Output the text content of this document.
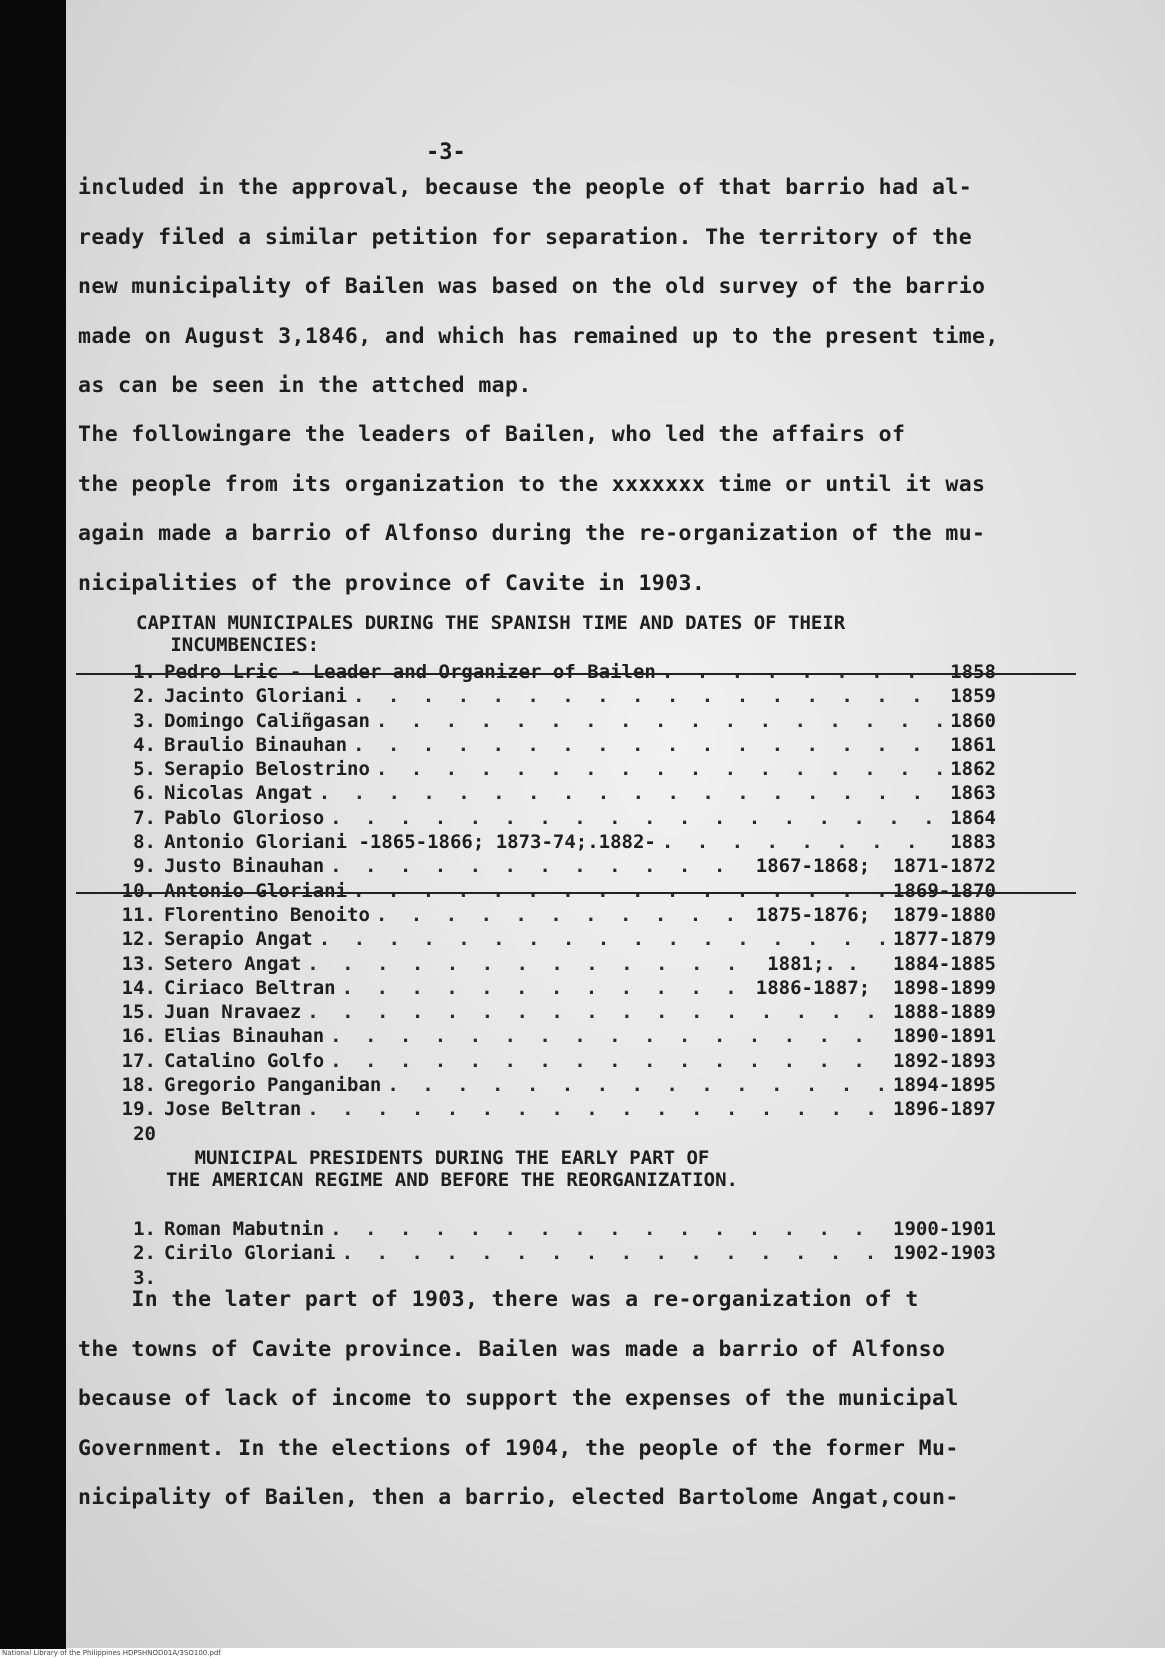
-3-
included in the approval, because the people of that barrio had al-
ready filed a similar petition for separation. The territory of the
new municipality of Bailen was based on the old survey of the barrio
made on August 3,1846, and which has remained up to the present time,
as can be seen in the attched map.
The followingare the leaders of Bailen, who led the affairs of
the people from its organization to the xxxxxxx time or until it was
again made a barrio of Alfonso during the re-organization of the mu-
nicipalities of the province of Cavite in 1903.
CAPITAN MUNICIPALES DURING THE SPANISH TIME AND DATES OF THEIR
INCUMBENCIES:
1. Pedro Lric - Leader and Organizer of Bailen . . .	1858
2. Jacinto Gloriani . . .	1859
3. Domingo Caliñgasan . . .	1860
4. Braulio Binauhan . . .	1861
5. Serapio Belostrino . . .	1862
6. Nicolas Angat . . .	1863
7. Pablo Glorioso . . .	1864
8. Antonio Gloriani -1865-1866; 1873-74;.1882- . . .	1883
9. Justo Binauhan . . .	1867-1868;  1871-1872
10. Antonio Gloriani . . .	1869-1870
11. Florentino Benoito . . .	1875-1876;  1879-1880
12. Serapio Angat . . .	1877-1879
13. Setero Angat . . .	1881;. .   1884-1885
14. Ciriaco Beltran . . .	1886-1887;  1898-1899
15. Juan Nravaez . . .	1888-1889
16. Elias Binauhan . . .	1890-1891
17. Catalino Golfo . . .	1892-1893
18. Gregorio Panganiban . . .	1894-1895
19. Jose Beltran . . .	1896-1897
20
MUNICIPAL PRESIDENTS DURING THE EARLY PART OF
THE AMERICAN REGIME AND BEFORE THE REORGANIZATION.
1. Roman Mabutnin . . .	1900-1901
2. Cirilo Gloriani . . .	1902-1903
3.
In the later part of 1903, there was a re-organization of t
the towns of Cavite province. Bailen was made a barrio of Alfonso
because of lack of income to support the expenses of the municipal
Government. In the elections of 1904, the people of the former Mu-
nicipality of Bailen, then a barrio, elected Bartolome Angat,coun-
National Library of the Philippines HDPSHNOD01A/3SO100.pdf
